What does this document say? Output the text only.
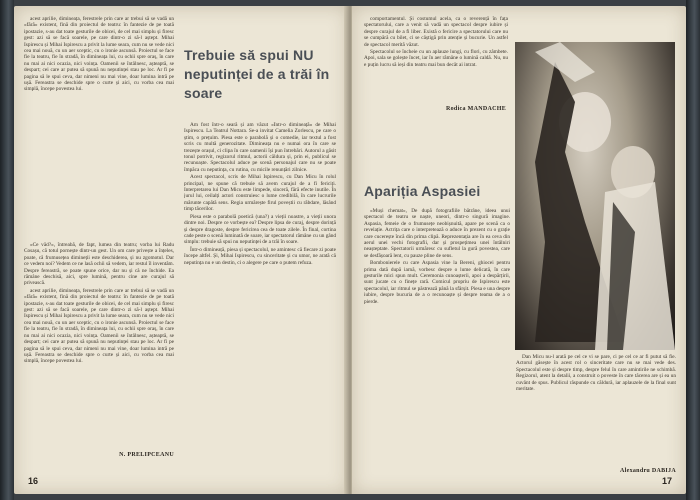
acest aprilie, dimineața, ferestrele prin care ar trebui să se vadă un «fără» existent, fină din proiectul de teatru: în fantezie de pe toată ipostazie, s-au dat toate gesturile de obicei, de cel mai simplu și firesc gest: azi să se facă soarele, pe care dintr-o zi să-l aștept. Mihai Ispirescu și Mihai Ispirescu a privit la lume seara, cum nu se vede nici cea mai nouă, cu un aer sceptic, cu o ironie ascunsă. Proiectul se face fie la teatru, fie în stradă, în dimineața lui, cu ochii spre oraș, în care nu mai ai nici ocazia, nici voința. Oamenii se întâlnesc, așteaptă, se despart; cei care ar putea să spună nu neputinței stau pe loc. Ar fi pe pagina să le spui ceva, dar nimeni nu mai vine, doar lumina intră pe ușă. Fereastra se deschide spre o curte și aici, cu vorba cea mai simplă, începe povestea lui.

«Ce văd?», întreabă, de fapt, lumea din teatru; vorba lui Radu Cosașu, că totul pornește dintr-un gest. Un om care privește a înțeles, poate, că frumusețea dimineții este deschiderea, și nu zgomotul. Dar ce vedem noi? Vedem ce ne lasă ochii să vedem, iar restul îl inventăm. Despre fereastră, se poate spune orice, dar nu și că ne închide. Ea rămâne deschisă, aici, spre lumină, pentru cine are curajul să privească.

acest aprilie, dimineața, ferestrele prin care ar trebui să se vadă un «fără» existent, fină din proiectul de teatru: în fantezie de pe toată ipostazie, s-au dat toate gesturile de obicei, de cel mai simplu și firesc gest: azi să se facă soarele, pe care dintr-o zi să-l aștept. Mihai Ispirescu și Mihai Ispirescu a privit la lume seara, cum nu se vede nici cea mai nouă, cu un aer sceptic, cu o ironie ascunsă. Proiectul se face fie la teatru, fie în stradă, în dimineața lui, cu ochii spre oraș, în care nu mai ai nici ocazia, nici voința. Oamenii se întâlnesc, așteaptă, se despart; cei care ar putea să spună nu neputinței stau pe loc. Ar fi pe pagina să le spui ceva, dar nimeni nu mai vine, doar lumina intră pe ușă. Fereastra se deschide spre o curte și aici, cu vorba cea mai simplă, începe povestea lui.

N. PRELIPCEANU
Trebuie să spui NU neputinței de a trăi în soare

Am fost într-o seară și am văzut «Într-o dimineață» de Mihai Ispirescu. La Teatrul Nottara. Se-a invitat Camelia Zorlescu, pe care o știm, o prețuim. Piesa este o parabolă și o comedie, iar textul a fost scris cu multă generozitate. Dimineața nu e numai ora în care se trezește orașul, ci clipa în care oamenii își pun întrebări. Autorul a găsit tonul potrivit, regizorul ritmul, actorii căldura și, prin ei, publicul se recunoaște. Spectacolul aduce pe scenă personajul care nu se poate împăca cu neputința, cu rutina, cu micile renunțări zilnice.

Acest spectacol, scris de Mihai Ispirescu, cu Dan Micu în rolul principal, ne spune că trebuie să avem curajul de a fi fericiți. Interpretarea lui Dan Micu este limpede, sinceră, fără efecte inutile. În jurul lui, ceilalți actori construiesc o lume credibilă, în care lucrurile mărunte capătă sens. Regia urmărește firul poveștii cu răbdare, lăsând timp tăcerilor.

Piesa este o parabolă poetică (una?) a vieții noastre, a vieții unora dintre noi. Despre ce vorbește ea? Despre lipsa de curaj, despre dorință și despre dragoste, despre fericirea cea de toate zilele. În final, cortina cade peste o scenă luminată de soare, iar spectatorul rămâne cu un gând simplu: trebuie să spui nu neputinței de a trăi în soare.

Într-o dimineață, piesa și spectacolul, ne amintesc că fiecare zi poate începe altfel. Și, Mihai Ispirescu, cu sinceritate și cu umor, ne arată că neputința nu e un destin, ci o alegere pe care o putem refuza.

16

comportamentul. Și costumul acela, ca o reverență în fața spectatorului, care a venit să vadă un spectacol despre iubire și despre curajul de a fi liber. Există o fericire a spectatorului care nu se cumpără cu bilet, ci se câștigă prin atenție și bucurie. Un astfel de spectacol merită văzut.

Spectacolul se încheie cu un aplauze lungi, cu flori, cu zâmbete. Apoi, sala se golește încet, iar în aer rămâne o lumină caldă. Nu, nu e puțin lucru să ieși din teatru mai bun decât ai intrat.

Rodica MANDACHE
Apariția Aspasiei

«Muși chemat», De după fotografiile bătrâne, ideea unui spectacol de teatru se naște, uneori, dintr-o singură imagine. Aspasia, femeie de o frumusețe neobișnuită, apare pe scenă ca o revelație. Actrița care o interpretează o aduce în prezent cu o grație care cucerește încă din prima clipă. Reprezentația are în ea ceva din aerul unei vechi fotografii, dar și prospețimea unei întâlniri neașteptate. Spectatorii urmăresc cu sufletul la gură povestea, care se desfășoară lent, cu pauze pline de sens.

Bombonierele cu care Aspasia vine la Bereni, ghiocei pentru prima dată după iarnă, vorbesc despre o lume delicată, în care gesturile mici spun mult. Ceremonia cunoașterii, apoi a despărțirii, sunt jucate cu o finețe rară. Comicul propriu de Ispirescu este spectacolul, iar ritmul se păstrează până la sfârșit. Piesa e una despre iubire, despre bucuria de a o recunoaște și despre teama de a o pierde.

Dan Micu nu-l arată pe cel ce vi se pare, ci pe cel ce ar fi putut să fie. Actorul găsește în acest rol o sinceritate care nu se mai vede des. Spectacolul este și despre timp, despre felul în care amintirile ne schimbă. Regizorul, atent la detalii, a construit o poveste în care tăcerea are și ea un cuvânt de spus. Publicul răspunde cu căldură, iar aplauzele de la final sunt meritate.

Alexandru DABIJA
17
